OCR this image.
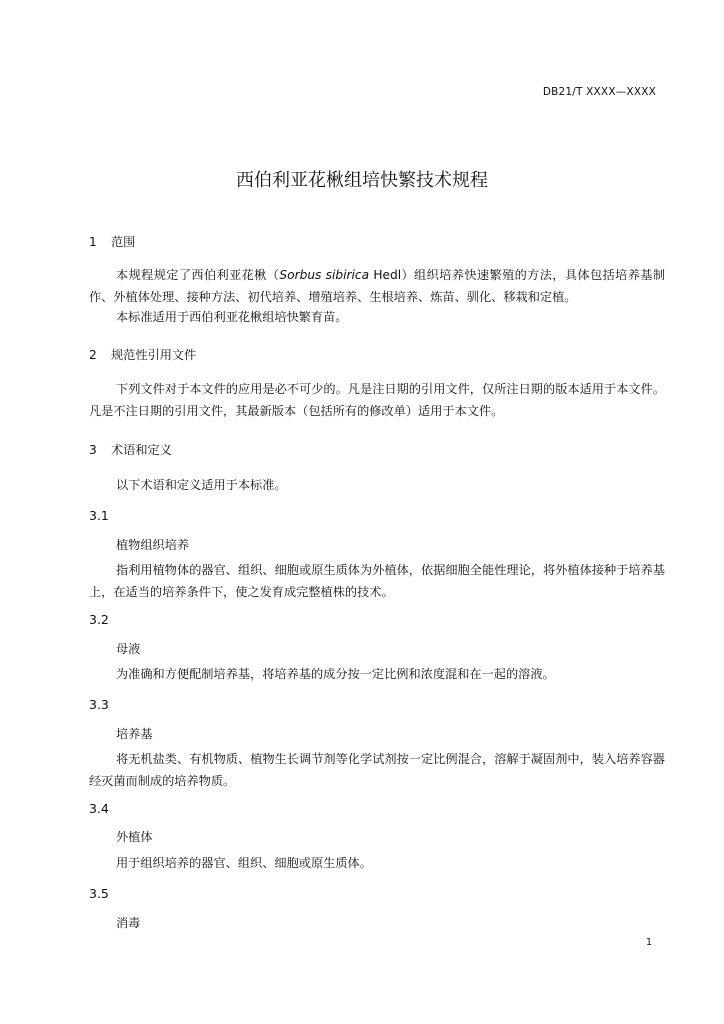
DB21/T XXXX—XXXX
西伯利亚花楸组培快繁技术规程
1 范围

本规程规定了西伯利亚花楸（Sorbus sibirica Hedl）组织培养快速繁殖的方法，具体包括培养基制作、外植体处理、接种方法、初代培养、增殖培养、生根培养、炼苗、驯化、移栽和定植。

本标准适用于西伯利亚花楸组培快繁育苗。

2 规范性引用文件

下列文件对于本文件的应用是必不可少的。凡是注日期的引用文件，仅所注日期的版本适用于本文件。凡是不注日期的引用文件，其最新版本（包括所有的修改单）适用于本文件。

3 术语和定义

以下术语和定义适用于本标准。

3.1
植物组织培养

指利用植物体的器官、组织、细胞或原生质体为外植体，依据细胞全能性理论，将外植体接种于培养基上，在适当的培养条件下，使之发育成完整植株的技术。

3.2
母液

为准确和方便配制培养基，将培养基的成分按一定比例和浓度混和在一起的溶液。

3.3
培养基

将无机盐类、有机物质、植物生长调节剂等化学试剂按一定比例混合，溶解于凝固剂中，装入培养容器经灭菌而制成的培养物质。

3.4
外植体

用于组织培养的器官、组织、细胞或原生质体。

3.5
消毒
1
